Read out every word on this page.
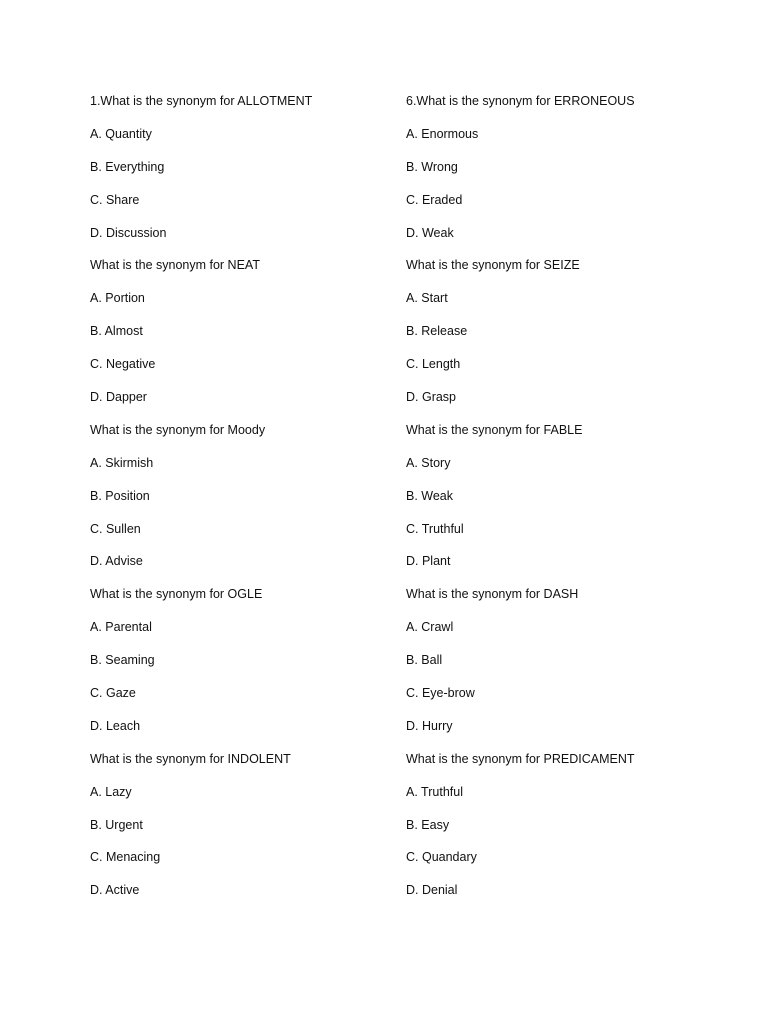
1.What is the synonym for ALLOTMENT
A. Quantity
B. Everything
C. Share
D. Discussion
What is the synonym for NEAT
A. Portion
B. Almost
C. Negative
D. Dapper
What is the synonym for Moody
A. Skirmish
B. Position
C. Sullen
D. Advise
What is the synonym for OGLE
A. Parental
B. Seaming
C. Gaze
D. Leach
What is the synonym for INDOLENT
A. Lazy
B. Urgent
C. Menacing
D. Active
6.What is the synonym for ERRONEOUS
A. Enormous
B. Wrong
C. Eraded
D. Weak
What is the synonym for SEIZE
A. Start
B. Release
C. Length
D. Grasp
What is the synonym for FABLE
A. Story
B. Weak
C. Truthful
D. Plant
What is the synonym for DASH
A. Crawl
B. Ball
C. Eye-brow
D. Hurry
What is the synonym for PREDICAMENT
A. Truthful
B. Easy
C. Quandary
D. Denial
